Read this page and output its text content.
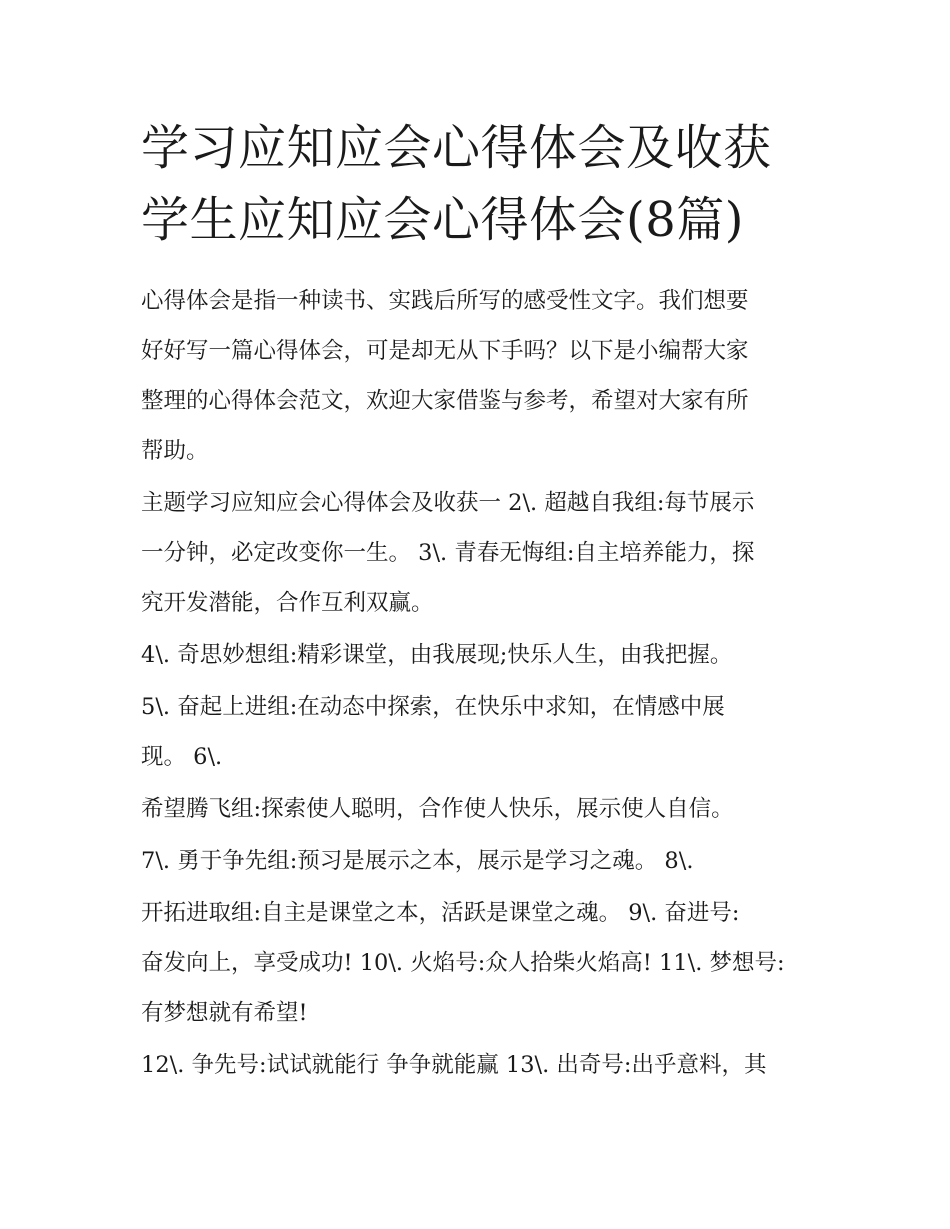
学习应知应会心得体会及收获
学生应知应会心得体会(8篇)

心得体会是指一种读书、实践后所写的感受性文字。我们想要
好好写一篇心得体会，可是却无从下手吗？以下是小编帮大家
整理的心得体会范文，欢迎大家借鉴与参考，希望对大家有所
帮助。

主题学习应知应会心得体会及收获一 2\. 超越自我组:每节展示
一分钟，必定改变你一生。 3\. 青春无悔组:自主培养能力，探
究开发潜能，合作互利双赢。

4\. 奇思妙想组:精彩课堂，由我展现;快乐人生，由我把握。

5\. 奋起上进组:在动态中探索，在快乐中求知，在情感中展
现。 6\.

希望腾飞组:探索使人聪明，合作使人快乐，展示使人自信。

7\. 勇于争先组:预习是展示之本，展示是学习之魂。 8\.

开拓进取组:自主是课堂之本，活跃是课堂之魂。 9\. 奋进号:
奋发向上，享受成功! 10\. 火焰号:众人拾柴火焰高! 11\. 梦想号:
有梦想就有希望!

12\. 争先号:试试就能行 争争就能赢 13\. 出奇号:出乎意料，其
